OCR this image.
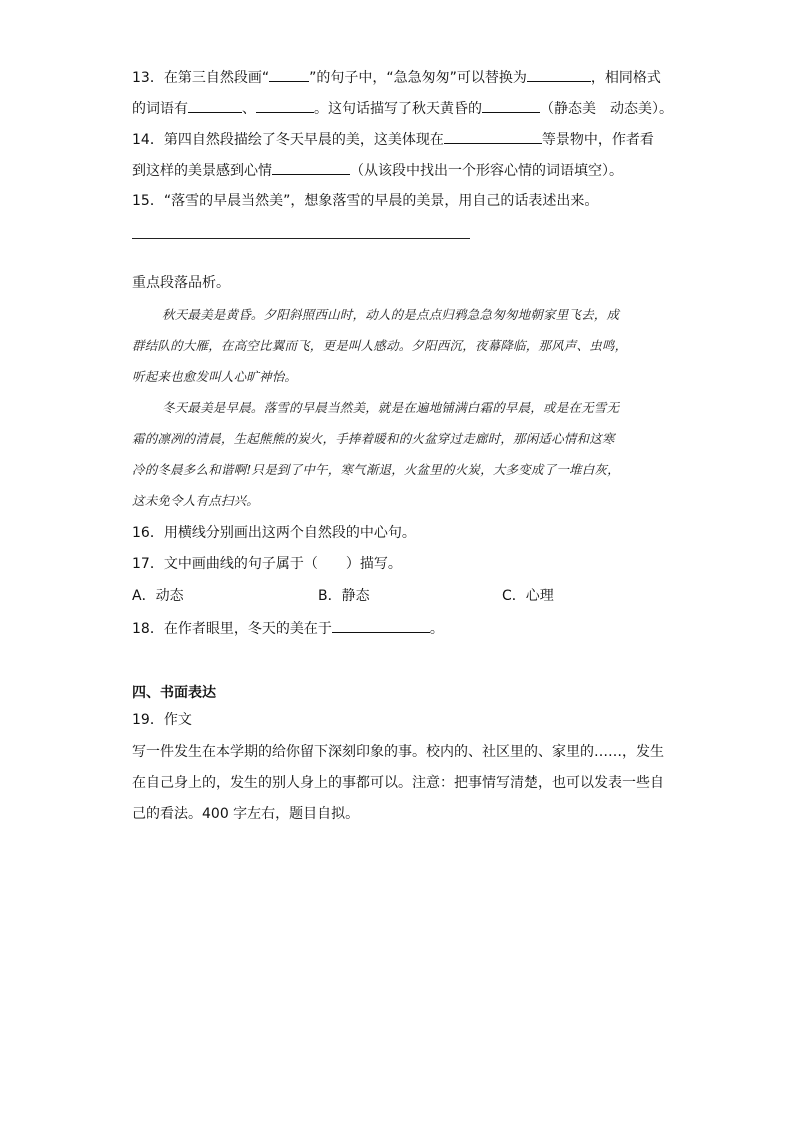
13．在第三自然段画“	”的句子中，“急急匆匆”可以替换为	，相同格式
的词语有	、	。这句话描写了秋天黄昏的	（静态美　动态美）。
14．第四自然段描绘了冬天早晨的美，这美体现在	等景物中，作者看
到这样的美景感到心情	（从该段中找出一个形容心情的词语填空）。
15．“落雪的早晨当然美”，想象落雪的早晨的美景，用自己的话表述出来。
重点段落品析。
秋天最美是黄昏。夕阳斜照西山时，动人的是点点归鸦急急匆匆地朝家里飞去，成
群结队的大雁，在高空比翼而飞，更是叫人感动。夕阳西沉，夜幕降临，那风声、虫鸣，
听起来也愈发叫人心旷神怡。
冬天最美是早晨。落雪的早晨当然美，就是在遍地铺满白霜的早晨，或是在无雪无
霜的凛冽的清晨，生起熊熊的炭火，手捧着暖和的火盆穿过走廊时，那闲适心情和这寒
冷的冬晨多么和谐啊!只是到了中午，寒气渐退，火盆里的火炭，大多变成了一堆白灰，
这未免令人有点扫兴。
16．用横线分别画出这两个自然段的中心句。
17．文中画曲线的句子属于（　　）描写。
A．动态	B．静态	C．心理
18．在作者眼里，冬天的美在于	。
四、书面表达
19．作文
写一件发生在本学期的给你留下深刻印象的事。校内的、社区里的、家里的……，发生
在自己身上的，发生的别人身上的事都可以。注意：把事情写清楚，也可以发表一些自
己的看法。400 字左右，题目自拟。
